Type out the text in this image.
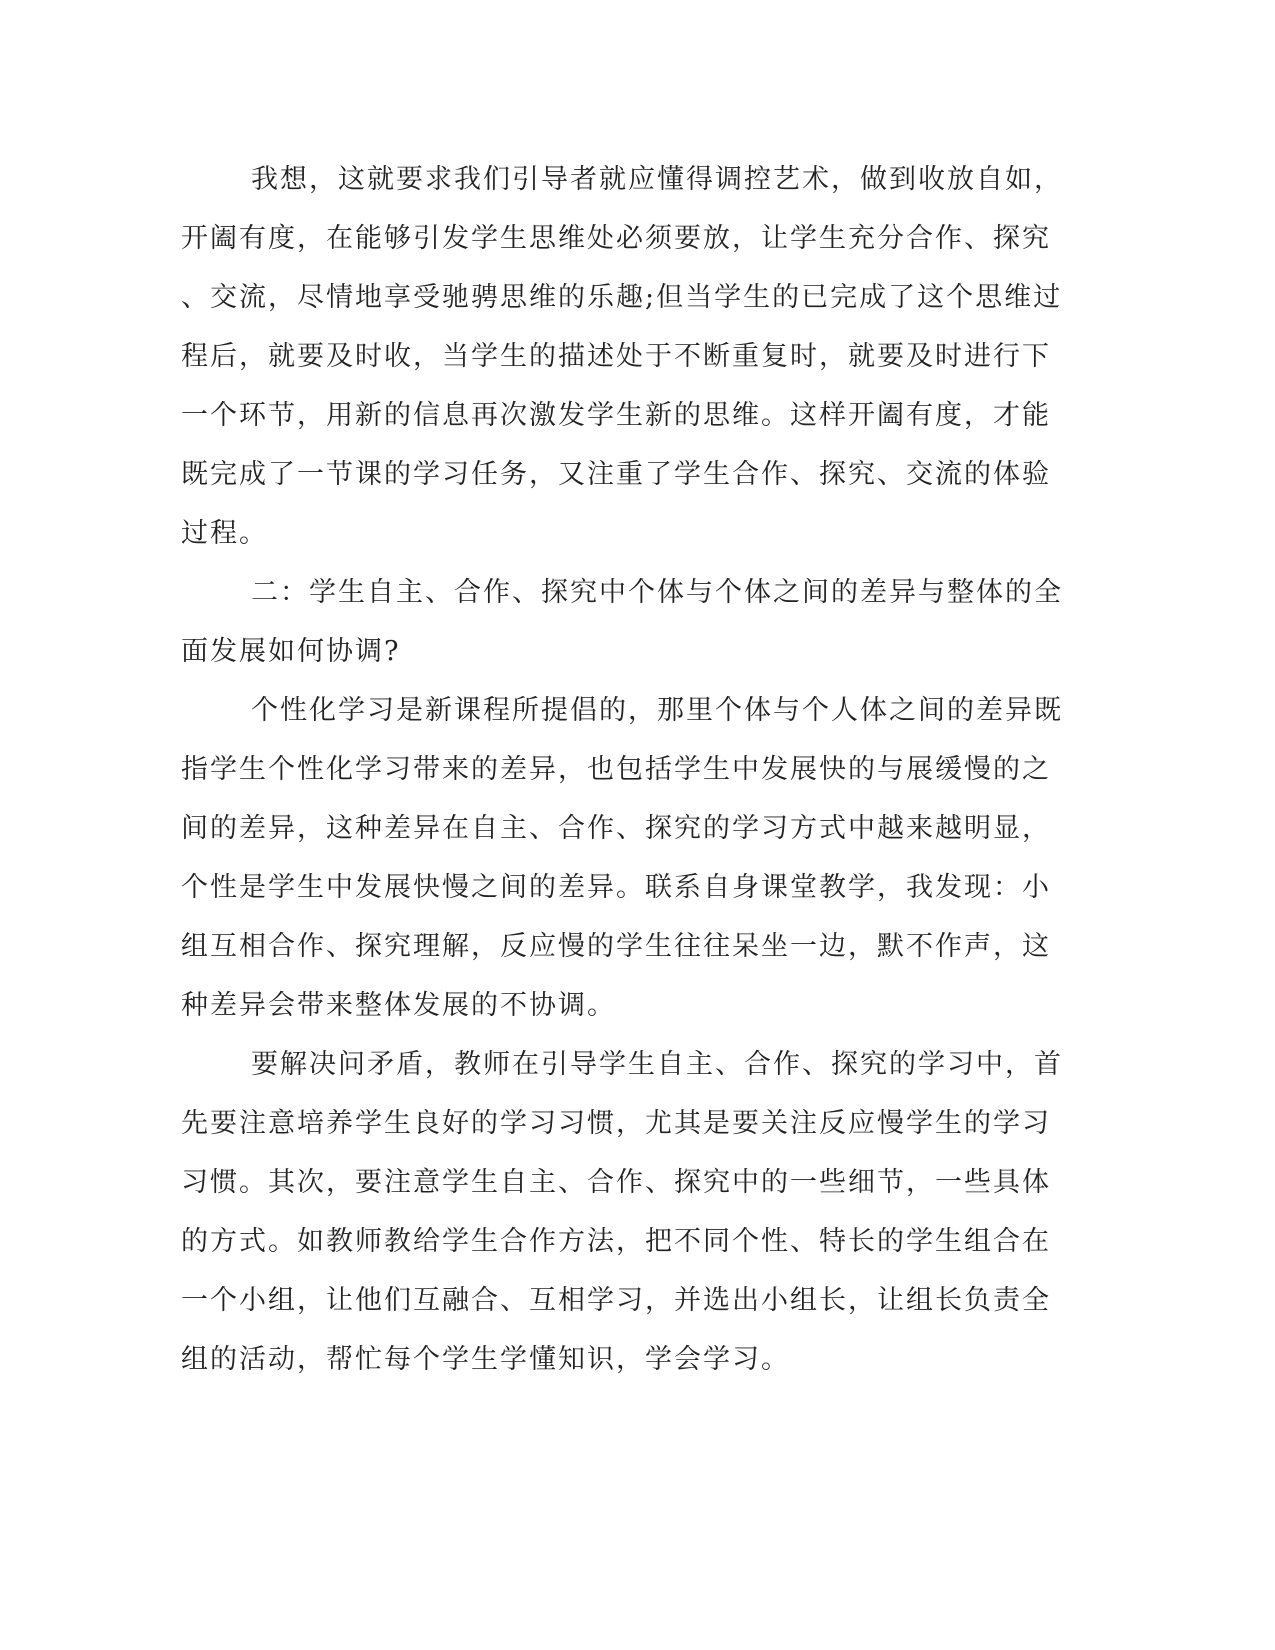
我想，这就要求我们引导者就应懂得调控艺术，做到收放自如，
开阖有度，在能够引发学生思维处必须要放，让学生充分合作、探究
、交流，尽情地享受驰骋思维的乐趣;但当学生的已完成了这个思维过
程后，就要及时收，当学生的描述处于不断重复时，就要及时进行下
一个环节，用新的信息再次激发学生新的思维。这样开阖有度，才能
既完成了一节课的学习任务，又注重了学生合作、探究、交流的体验
过程。
二：学生自主、合作、探究中个体与个体之间的差异与整体的全
面发展如何协调?
个性化学习是新课程所提倡的，那里个体与个人体之间的差异既
指学生个性化学习带来的差异，也包括学生中发展快的与展缓慢的之
间的差异，这种差异在自主、合作、探究的学习方式中越来越明显，
个性是学生中发展快慢之间的差异。联系自身课堂教学，我发现：小
组互相合作、探究理解，反应慢的学生往往呆坐一边，默不作声，这
种差异会带来整体发展的不协调。
要解决问矛盾，教师在引导学生自主、合作、探究的学习中，首
先要注意培养学生良好的学习习惯，尤其是要关注反应慢学生的学习
习惯。其次，要注意学生自主、合作、探究中的一些细节，一些具体
的方式。如教师教给学生合作方法，把不同个性、特长的学生组合在
一个小组，让他们互融合、互相学习，并选出小组长，让组长负责全
组的活动，帮忙每个学生学懂知识，学会学习。
